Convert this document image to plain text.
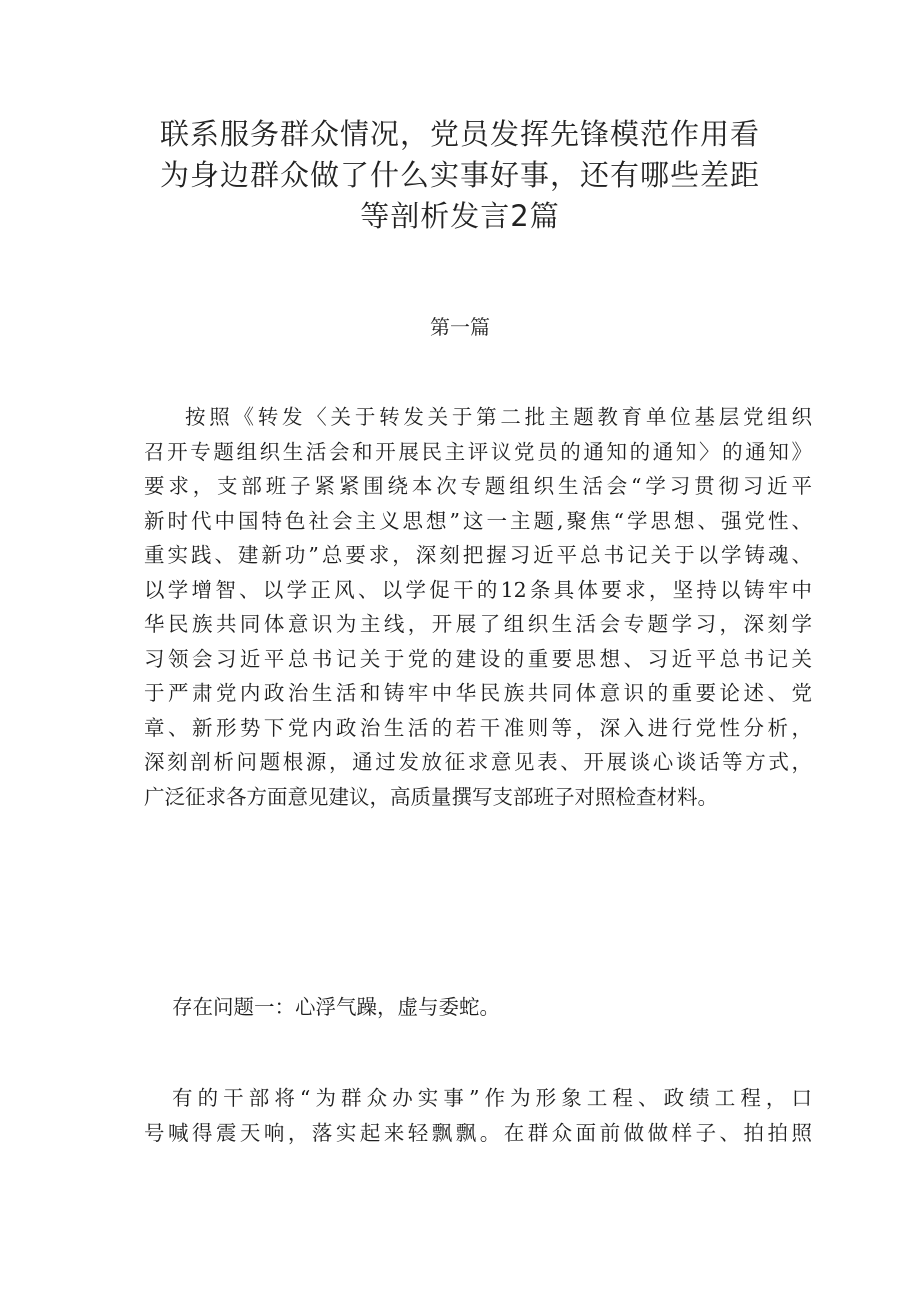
联系服务群众情况，党员发挥先锋模范作用看
为身边群众做了什么实事好事，还有哪些差距
等剖析发言2篇
第一篇
按照《转发〈关于转发关于第二批主题教育单位基层党组织
召开专题组织生活会和开展民主评议党员的通知的通知〉的通知》
要求，支部班子紧紧围绕本次专题组织生活会“学习贯彻习近平
新时代中国特色社会主义思想”这一主题,聚焦“学思想、强党性、
重实践、建新功”总要求，深刻把握习近平总书记关于以学铸魂、
以学增智、以学正风、以学促干的12条具体要求，坚持以铸牢中
华民族共同体意识为主线，开展了组织生活会专题学习，深刻学
习领会习近平总书记关于党的建设的重要思想、习近平总书记关
于严肃党内政治生活和铸牢中华民族共同体意识的重要论述、党
章、新形势下党内政治生活的若干准则等，深入进行党性分析，
深刻剖析问题根源，通过发放征求意见表、开展谈心谈话等方式，
广泛征求各方面意见建议，高质量撰写支部班子对照检查材料。
存在问题一：心浮气躁，虚与委蛇。
有的干部将“为群众办实事”作为形象工程、政绩工程，口
号喊得震天响，落实起来轻飘飘。在群众面前做做样子、拍拍照
